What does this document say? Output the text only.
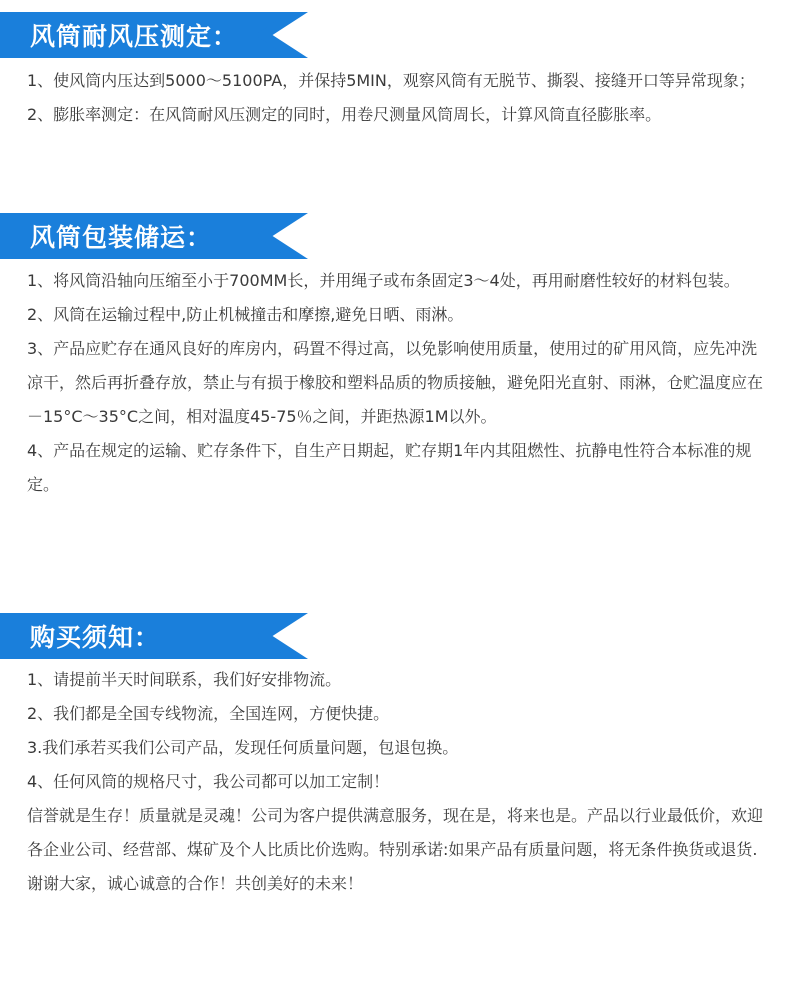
风筒耐风压测定：

1、使风筒内压达到5000～5100PA，并保持5MIN，观察风筒有无脱节、撕裂、接缝开口等异常现象；

2、膨胀率测定：在风筒耐风压测定的同时，用卷尺测量风筒周长，计算风筒直径膨胀率。

风筒包装储运：

1、将风筒沿轴向压缩至小于700MM长，并用绳子或布条固定3～4处，再用耐磨性较好的材料包装。

2、风筒在运输过程中,防止机械撞击和摩擦,避免日晒、雨淋。

3、产品应贮存在通风良好的库房内，码置不得过高，以免影响使用质量，使用过的矿用风筒，应先冲洗凉干，然后再折叠存放，禁止与有损于橡胶和塑料品质的物质接触，避免阳光直射、雨淋，仓贮温度应在－15°C～35°C之间，相对温度45-75％之间，并距热源1M以外。

4、产品在规定的运输、贮存条件下，自生产日期起，贮存期1年内其阻燃性、抗静电性符合本标准的规定。

购买须知：

1、请提前半天时间联系，我们好安排物流。

2、我们都是全国专线物流，全国连网，方便快捷。

3.我们承若买我们公司产品，发现任何质量问题，包退包换。

4、任何风筒的规格尺寸，我公司都可以加工定制！

信誉就是生存！质量就是灵魂！公司为客户提供满意服务，现在是，将来也是。产品以行业最低价，欢迎各企业公司、经营部、煤矿及个人比质比价选购。特别承诺:如果产品有质量问题，将无条件换货或退货.谢谢大家，诚心诚意的合作！共创美好的未来！
